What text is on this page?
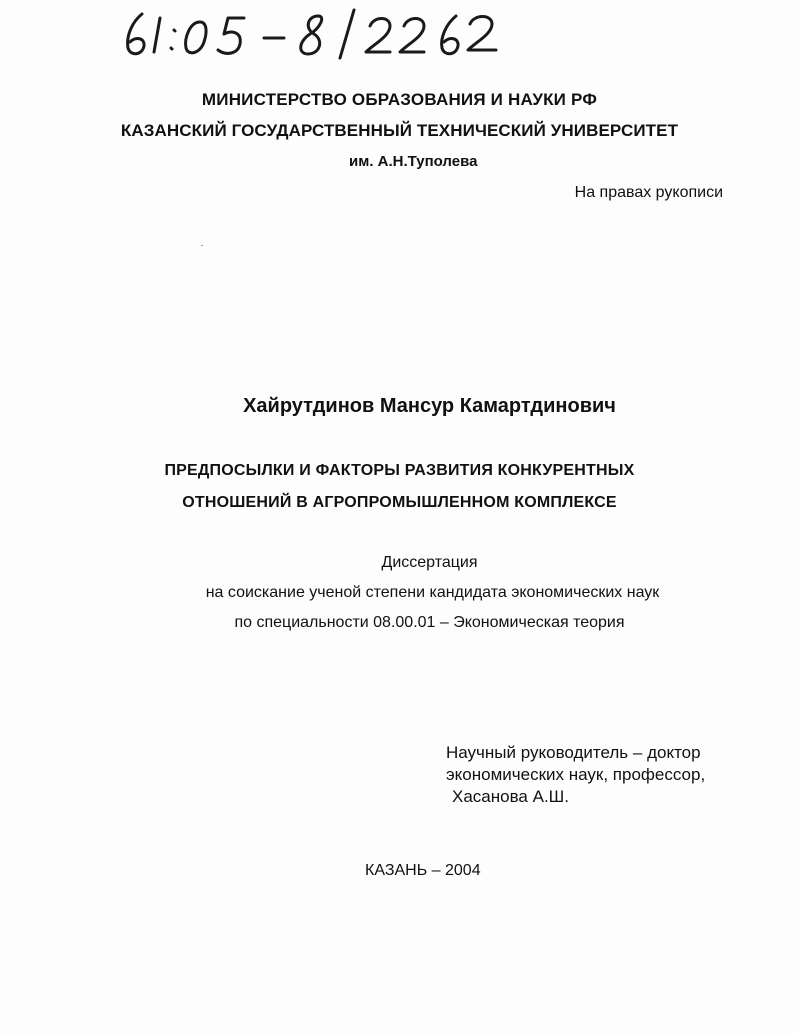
МИНИСТЕРСТВО ОБРАЗОВАНИЯ И НАУКИ РФ
КАЗАНСКИЙ ГОСУДАРСТВЕННЫЙ ТЕХНИЧЕСКИЙ УНИВЕРСИТЕТ
им. А.Н.Туполева
На правах рукописи
Хайрутдинов Мансур Камартдинович
ПРЕДПОСЫЛКИ И ФАКТОРЫ РАЗВИТИЯ КОНКУРЕНТНЫХ
ОТНОШЕНИЙ В АГРОПРОМЫШЛЕННОМ КОМПЛЕКСЕ
Диссертация
на соискание ученой степени кандидата экономических наук
по специальности 08.00.01 – Экономическая теория
Научный руководитель – доктор
экономических наук, профессор,
Хасанова А.Ш.
КАЗАНЬ – 2004
